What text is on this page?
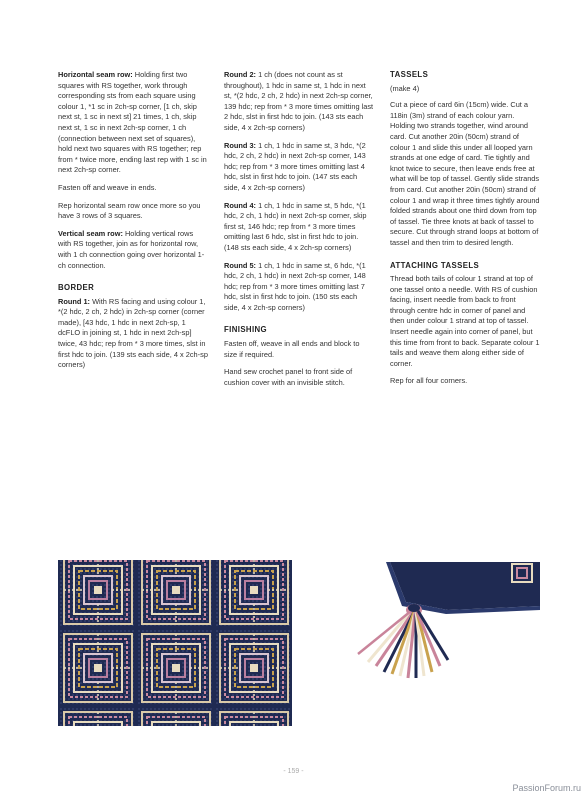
Horizontal seam row: Holding first two squares with RS together, work through corresponding sts from each square using colour 1, *1 sc in 2ch-sp corner, [1 ch, skip next st, 1 sc in next st] 21 times, 1 ch, skip next st, 1 sc in next 2ch-sp corner, 1 ch (connection between next set of squares), hold next two squares with RS together; rep from * twice more, ending last rep with 1 sc in next 2ch-sp corner.

Fasten off and weave in ends.

Rep horizontal seam row once more so you have 3 rows of 3 squares.

Vertical seam row: Holding vertical rows with RS together, join as for horizontal row, with 1 ch connection going over horizontal 1-ch connection.

BORDER

Round 1: With RS facing and using colour 1, *(2 hdc, 2 ch, 2 hdc) in 2ch-sp corner (corner made), [43 hdc, 1 hdc in next 2ch-sp, 1 dcFLO in joining st, 1 hdc in next 2ch-sp] twice, 43 hdc; rep from * 3 more times, slst in first hdc to join. (139 sts each side, 4 x 2ch-sp corners)

Round 2: 1 ch (does not count as st throughout), 1 hdc in same st, 1 hdc in next st, *(2 hdc, 2 ch, 2 hdc) in next 2ch-sp corner, 139 hdc; rep from * 3 more times omitting last 2 hdc, slst in first hdc to join. (143 sts each side, 4 x 2ch-sp corners)

Round 3: 1 ch, 1 hdc in same st, 3 hdc, *(2 hdc, 2 ch, 2 hdc) in next 2ch-sp corner, 143 hdc; rep from * 3 more times omitting last 4 hdc, slst in first hdc to join. (147 sts each side, 4 x 2ch-sp corners)

Round 4: 1 ch, 1 hdc in same st, 5 hdc, *(1 hdc, 2 ch, 1 hdc) in next 2ch-sp corner, skip first st, 146 hdc; rep from * 3 more times omitting last 6 hdc, slst in first hdc to join. (148 sts each side, 4 x 2ch-sp corners)

Round 5: 1 ch, 1 hdc in same st, 6 hdc, *(1 hdc, 2 ch, 1 hdc) in next 2ch-sp corner, 148 hdc; rep from * 3 more times omitting last 7 hdc, slst in first hdc to join. (150 sts each side, 4 x 2ch-sp corners)

FINISHING

Fasten off, weave in all ends and block to size if required.

Hand sew crochet panel to front side of cushion cover with an invisible stitch.

TASSELS

(make 4)

Cut a piece of card 6in (15cm) wide. Cut a 118in (3m) strand of each colour yarn. Holding two strands together, wind around card. Cut another 20in (50cm) strand of colour 1 and slide this under all looped yarn strands at one edge of card. Tie tightly and knot twice to secure, then leave ends free at what will be top of tassel. Gently slide strands from card. Cut another 20in (50cm) strand of colour 1 and wrap it three times tightly around folded strands about one third down from top of tassel. Tie three knots at back of tassel to secure. Cut through strand loops at bottom of tassel and then trim to desired length.

ATTACHING TASSELS

Thread both tails of colour 1 strand at top of one tassel onto a needle. With RS of cushion facing, insert needle from back to front through centre hdc in corner of panel and then under colour 1 strand at top of tassel. Insert needle again into corner of panel, but this time from front to back. Separate colour 1 tails and weave them along either side of corner.

Rep for all four corners.

- 159 -
PassionForum.ru
